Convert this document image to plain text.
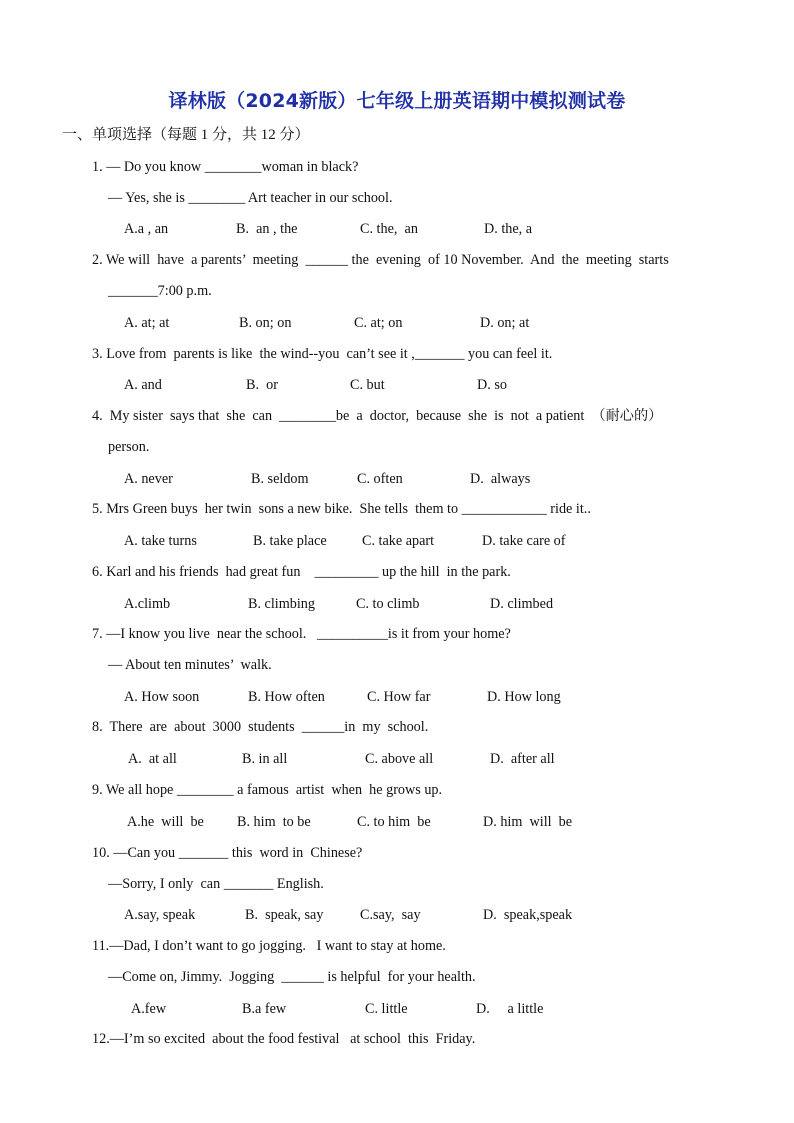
译林版（2024新版）七年级上册英语期中模拟测试卷
一、单项选择（每题 1 分，共 12 分）
1. — Do you know ________woman in black?
— Yes, she is ________ Art teacher in our school.
A.a , an	B.  an , the	C. the,  an	D. the, a
2. We will  have  a parents’  meeting  ______ the  evening  of 10 November.  And  the  meeting  starts
_______7:00 p.m.
A. at; at	B. on; on	C. at; on	D. on; at
3. Love from  parents is like  the wind--you  can’t see it ,_______ you can feel it.
A. and	B.  or	C. but	D. so
4.  My sister  says that  she  can  ________be  a  doctor,  because  she  is  not  a patient  （耐心的）
person.
A. never	B. seldom	C. often	D.  always
5. Mrs Green buys  her twin  sons a new bike.  She tells  them to ____________ ride it..
A. take turns	B. take place C. take apart	D. take care of
6. Karl and his friends  had great fun    _________ up the hill  in the park.
A.climb	B. climbing	C. to climb	D. climbed
7. —I know you live  near the school.   __________is it from your home?
— About ten minutes’  walk.
A. How soon	B. How often	C. How far	D. How long
8.  There  are  about  3000  students  ______in  my  school.
A.  at all	B. in all	C. above all	D.  after all
9. We all hope ________ a famous  artist  when  he grows up.
A.he  will  be B. him  to be	C. to him  be	D. him  will  be
10. —Can you _______ this  word in  Chinese?
—Sorry, I only  can _______ English.
A.say, speak	B.  speak, say	C.say,  say	D.  speak,speak
11.—Dad, I don’t want to go jogging.   I want to stay at home.
—Come on, Jimmy.  Jogging  ______ is helpful  for your health.
A.few	B.a few	C. little	D.     a little
12.—I’m so excited  about the food festival   at school  this  Friday.
